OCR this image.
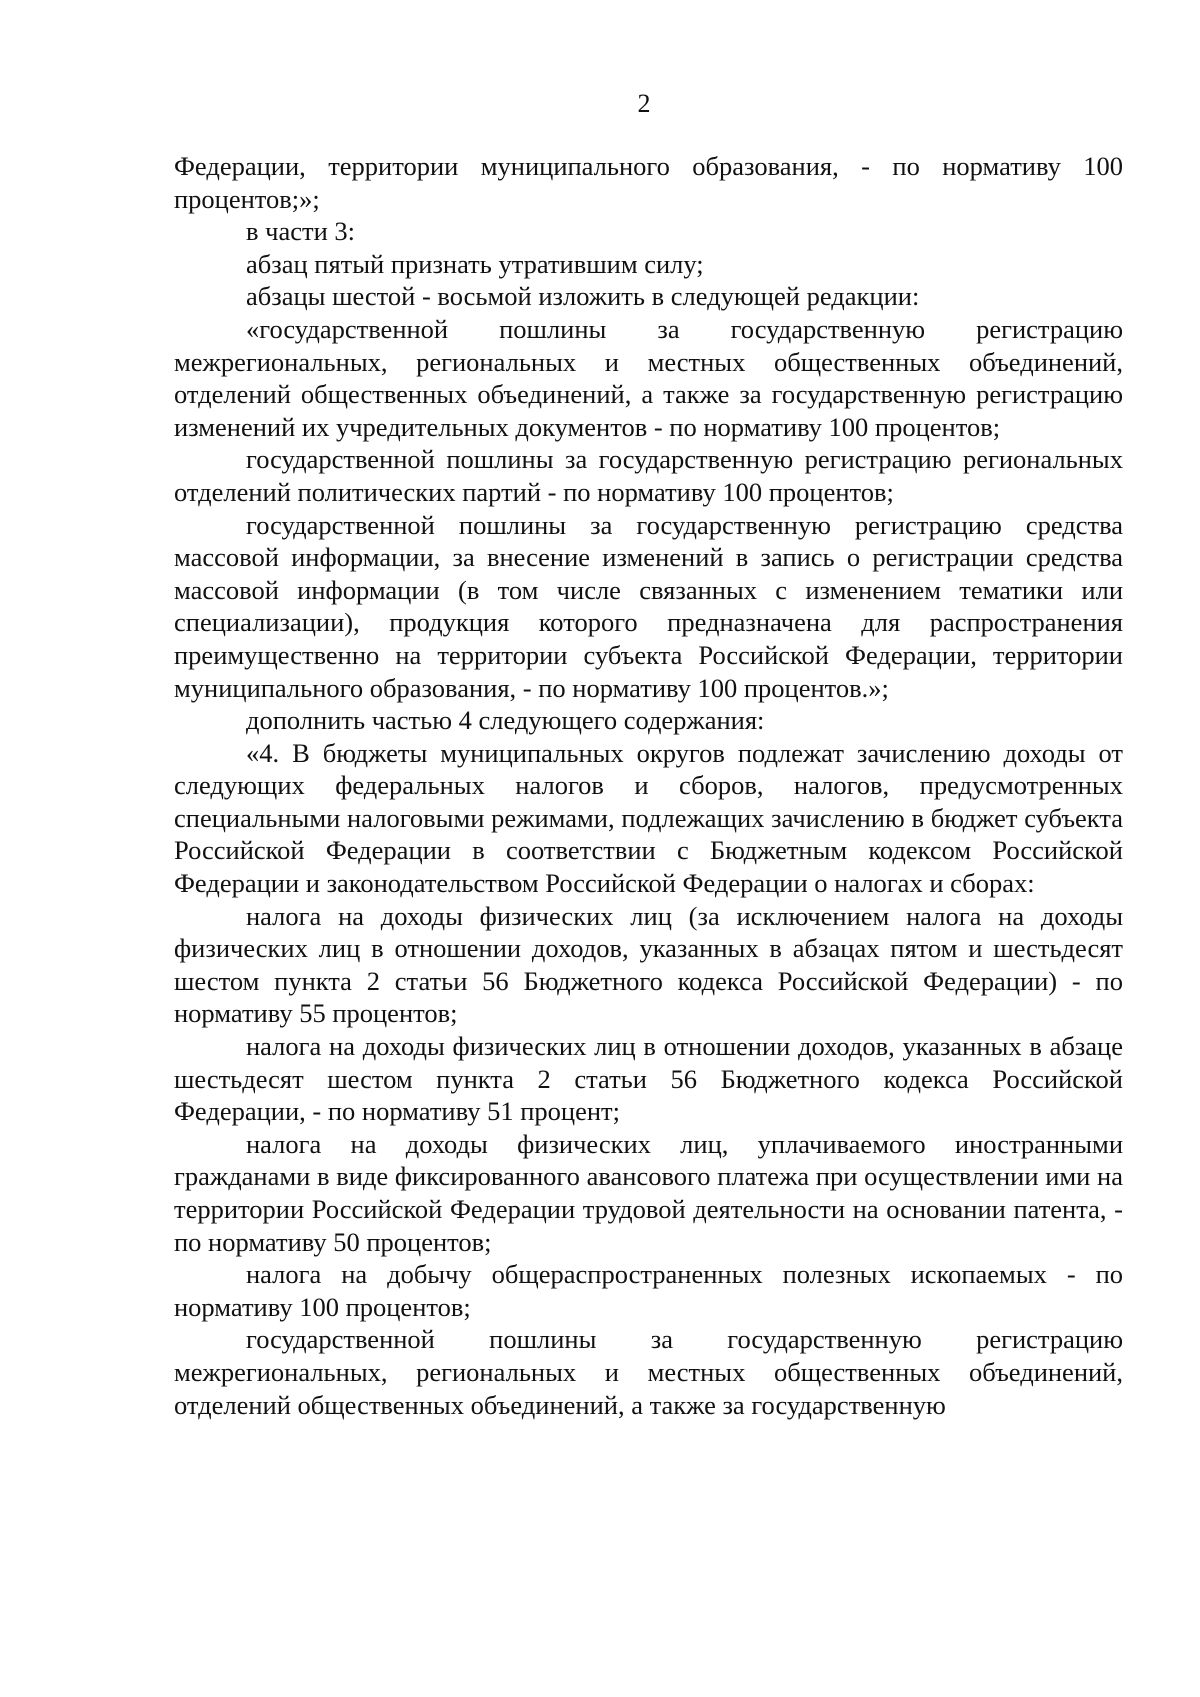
2

Федерации, территории муниципального образования, - по нормативу 100 процентов;»;

в части 3:

абзац пятый признать утратившим силу;

абзацы шестой - восьмой изложить в следующей редакции:

«государственной пошлины за государственную регистрацию межрегиональных, региональных и местных общественных объединений, отделений общественных объединений, а также за государственную регистрацию изменений их учредительных документов - по нормативу 100 процентов;

государственной пошлины за государственную регистрацию региональных отделений политических партий - по нормативу 100 процентов;

государственной пошлины за государственную регистрацию средства массовой информации, за внесение изменений в запись о регистрации средства массовой информации (в том числе связанных с изменением тематики или специализации), продукция которого предназначена для распространения преимущественно на территории субъекта Российской Федерации, территории муниципального образования, - по нормативу 100 процентов.»;

дополнить частью 4 следующего содержания:

«4. В бюджеты муниципальных округов подлежат зачислению доходы от следующих федеральных налогов и сборов, налогов, предусмотренных специальными налоговыми режимами, подлежащих зачислению в бюджет субъекта Российской Федерации в соответствии с Бюджетным кодексом Российской Федерации и законодательством Российской Федерации о налогах и сборах:

налога на доходы физических лиц (за исключением налога на доходы физических лиц в отношении доходов, указанных в абзацах пятом и шестьдесят шестом пункта 2 статьи 56 Бюджетного кодекса Российской Федерации) - по нормативу 55 процентов;

налога на доходы физических лиц в отношении доходов, указанных в абзаце шестьдесят шестом пункта 2 статьи 56 Бюджетного кодекса Российской Федерации, - по нормативу 51 процент;

налога на доходы физических лиц, уплачиваемого иностранными гражданами в виде фиксированного авансового платежа при осуществлении ими на территории Российской Федерации трудовой деятельности на основании патента, - по нормативу 50 процентов;

налога на добычу общераспространенных полезных ископаемых - по нормативу 100 процентов;

государственной пошлины за государственную регистрацию межрегиональных, региональных и местных общественных объединений, отделений общественных объединений, а также за государственную
